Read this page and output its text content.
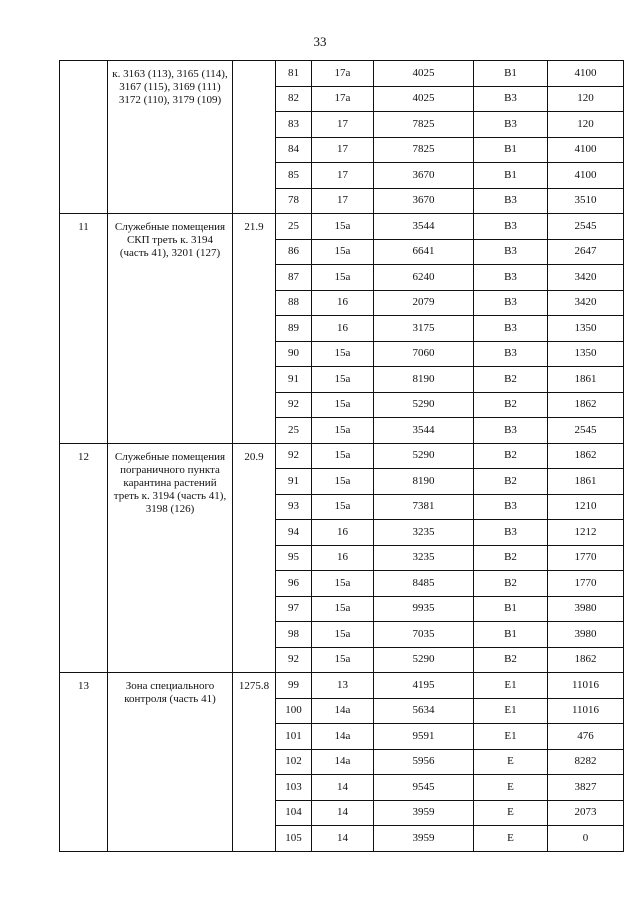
33
	к. 3163 (113), 3165 (114), 3167 (115), 3169 (111) 3172 (110), 3179 (109)		81	17а	4025	В1	4100
			82	17а	4025	В3	120
			83	17	7825	В3	120
			84	17	7825	В1	4100
			85	17	3670	В1	4100
			78	17	3670	В3	3510
11	Служебные помещения СКП треть к. 3194 (часть 41), 3201 (127)	21.9	25	15а	3544	В3	2545
			86	15а	6641	В3	2647
			87	15а	6240	В3	3420
			88	16	2079	В3	3420
			89	16	3175	В3	1350
			90	15а	7060	В3	1350
			91	15а	8190	В2	1861
			92	15а	5290	В2	1862
			25	15а	3544	В3	2545
12	Служебные помещения пограничного пункта карантина растений треть к. 3194 (часть 41), 3198 (126)	20.9	92	15а	5290	В2	1862
			91	15а	8190	В2	1861
			93	15а	7381	В3	1210
			94	16	3235	В3	1212
			95	16	3235	В2	1770
			96	15а	8485	В2	1770
			97	15а	9935	В1	3980
			98	15а	7035	В1	3980
			92	15а	5290	В2	1862
13	Зона специального контроля (часть 41)	1275.8	99	13	4195	Е1	11016
			100	14а	5634	Е1	11016
			101	14а	9591	Е1	476
			102	14а	5956	Е	8282
			103	14	9545	Е	3827
			104	14	3959	Е	2073
			105	14	3959	Е	0
